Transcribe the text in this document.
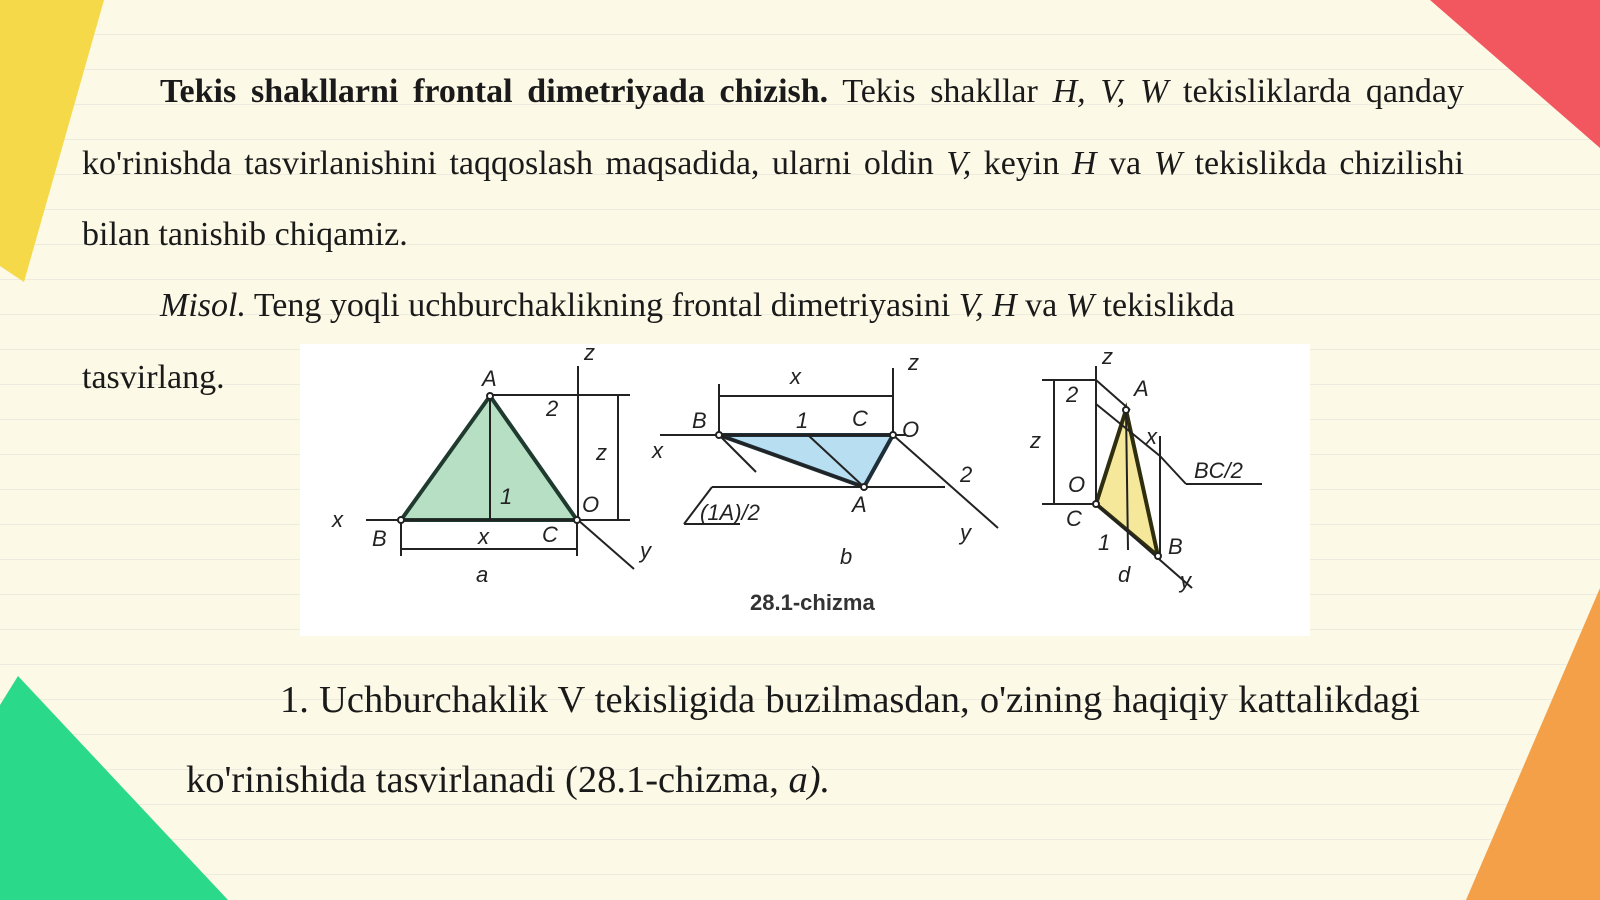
Tekis shakllarni frontal dimetriyada chizish. Tekis shakllar H, V, W tekisliklarda qanday ko'rinishda tasvirlanishini taqqoslash maqsadida, ularni oldin V, keyin H va W tekislikda chizilishi bilan tanishib chiqamiz.

Misol. Teng yoqli uchburchaklikning frontal dimetriyasini V, H va W tekislikda
tasvirlang.	A
B	C
O
x
y
z
z
x
1
2
a
B	C O
A
x
y
z
x
1
2
(1A)/2
b
A
B
C
O
y
z
z
1
2
x
BC/2
d
28.1-chizma

1. Uchburchaklik V tekisligida buzilmasdan, o'zining haqiqiy kattalikdagi ko'rinishida tasvirlanadi (28.1-chizma, a).
